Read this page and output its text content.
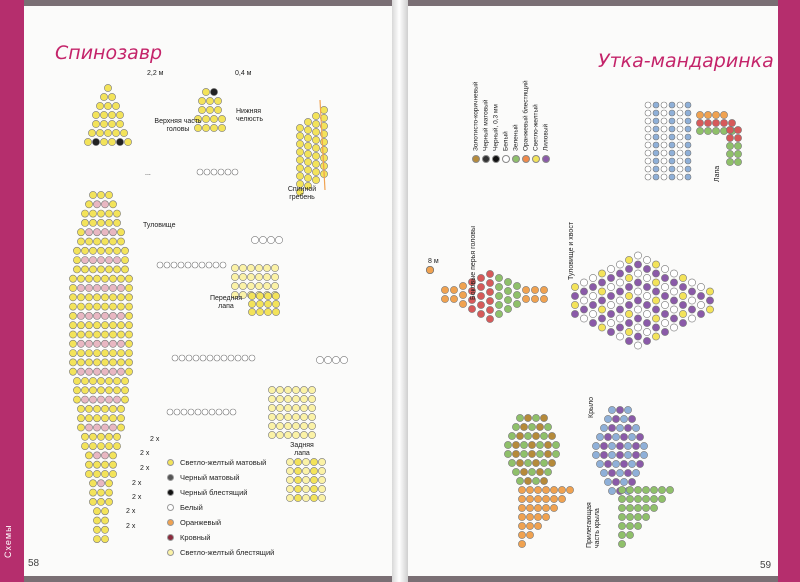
Спинозавр
2,2 м	0,4 м
Верхняя часть головы
Нижняя челюсть
Спинной гребень
Туловище
Передняя лапа
Задняя лапа
...
2 х
2 х
2 х
2 х
2 х
2 х
2 х
58
Схемы
Светло-желтый матовый
Черный матовый
Черный блестящий
Белый
Оранжевый
Кровный
Светло-желтый блестящий
Утка-мандаринка
8 м	Боковые перья головы	Туловище и хвост
Крыло
Лапа
Прилегающая часть крыла
59
Золотисто-коричневый Черный матовый Черный, 0,3 мм Белый Зеленый Оранжевый блестящий Светло-желтый Лиловый
